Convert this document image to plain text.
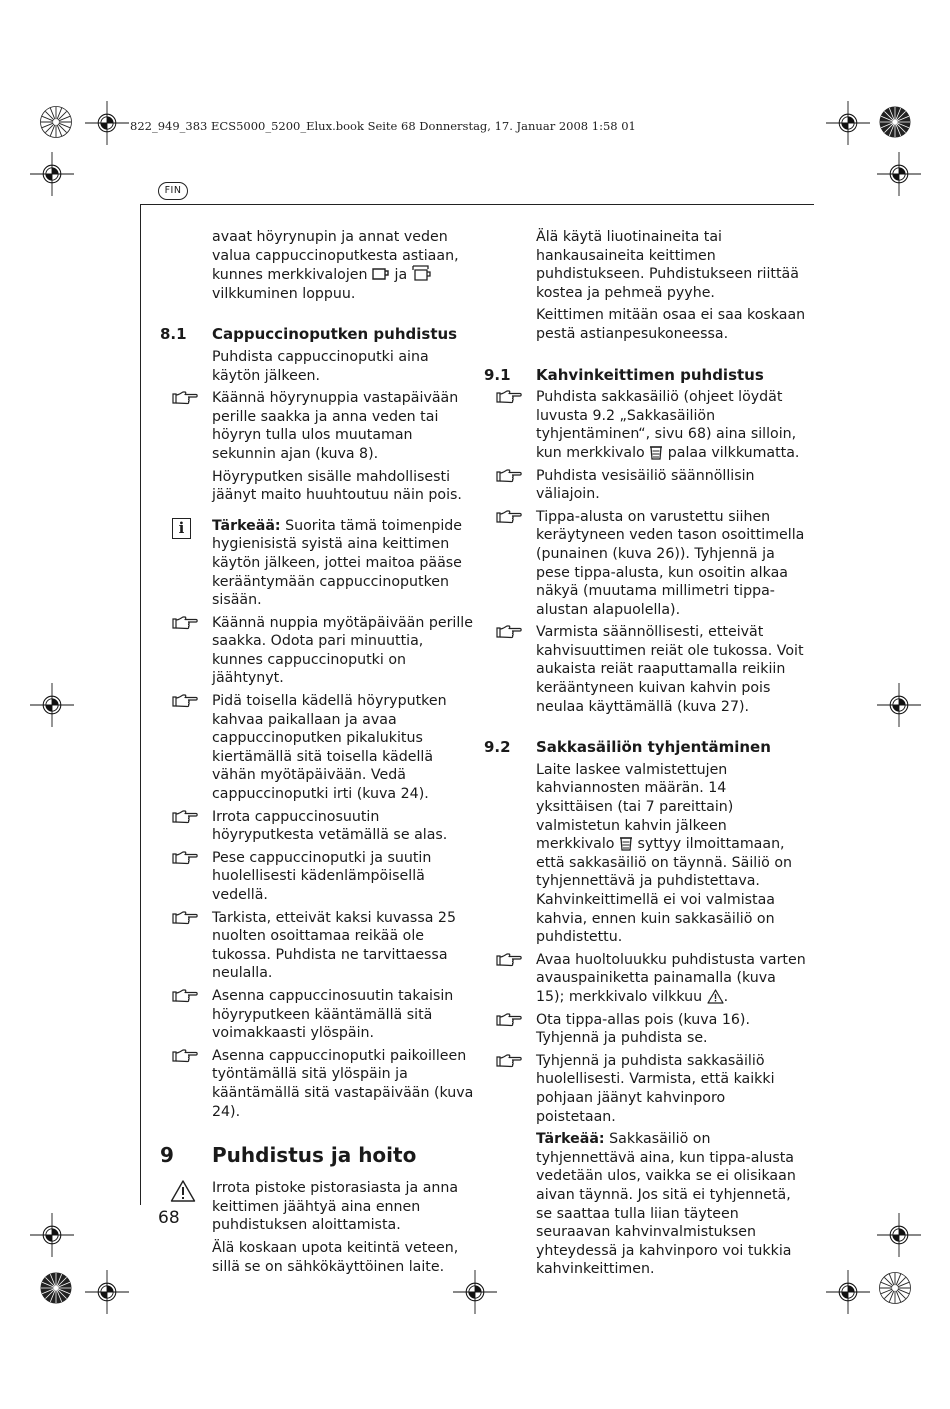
822_949_383 ECS5000_5200_Elux.book Seite 68 Donnerstag, 17. Januar 2008 1:58 01
FIN

avaat höyrynupin ja annat veden valua cappuccinoputkesta astiaan, kunnes merkkivalojen ja  vilkkuminen loppuu.

8.1 Cappuccinoputken puhdistus

Puhdista cappuccinoputki aina käytön jälkeen.

Käännä höyrynuppia vastapäivään perille saakka ja anna veden tai höyryn tulla ulos muutaman sekunnin ajan (kuva 8).

Höyryputken sisälle mahdollisesti jäänyt maito huuhtoutuu näin pois.

i	Tärkeää: Suorita tämä toimenpide hygienisistä syistä aina keittimen käytön jälkeen, jottei maitoa pääse kerääntymään cappuccinoputken sisään.

Käännä nuppia myötäpäivään perille saakka. Odota pari minuuttia, kunnes cappuccinoputki on jäähtynyt.

Pidä toisella kädellä höyryputken kahvaa paikallaan ja avaa cappuccinoputken pikalukitus kiertämällä sitä toisella kädellä vähän myötäpäivään. Vedä cappuccinoputki irti (kuva 24).

Irrota cappuccinosuutin höyryputkesta vetämällä se alas.

Pese cappuccinoputki ja suutin huolellisesti kädenlämpöisellä vedellä.

Tarkista, etteivät kaksi kuvassa 25 nuolten osoittamaa reikää ole tukossa. Puhdista ne tarvittaessa neulalla.

Asenna cappuccinosuutin takaisin höyryputkeen kääntämällä sitä voimakkaasti ylöspäin.

Asenna cappuccinoputki paikoilleen työntämällä sitä ylöspäin ja kääntämällä sitä vastapäivään (kuva 24).

9 Puhdistus ja hoito

Irrota pistoke pistorasiasta ja anna keittimen jäähtyä aina ennen puhdistuksen aloittamista.

Älä koskaan upota keitintä veteen, sillä se on sähkökäyttöinen laite.

Älä käytä liuotinaineita tai hankausaineita keittimen puhdistukseen. Puhdistukseen riittää kostea ja pehmeä pyyhe.

Keittimen mitään osaa ei saa koskaan pestä astianpesukoneessa.

9.1 Kahvinkeittimen puhdistus

Puhdista sakkasäiliö (ohjeet löydät luvusta 9.2 „Sakkasäiliön tyhjentäminen“, sivu 68) aina silloin, kun merkkivalo palaa vilkkumatta.

Puhdista vesisäiliö säännöllisin väliajoin.

Tippa-alusta on varustettu siihen keräytyneen veden tason osoittimella (punainen (kuva 26)). Tyhjennä ja pese tippa-alusta, kun osoitin alkaa näkyä (muutama millimetri tippa-alustan alapuolella).

Varmista säännöllisesti, etteivät kahvisuuttimen reiät ole tukossa. Voit aukaista reiät raaputtamalla reikiin kerääntyneen kuivan kahvin pois neulaa käyttämällä (kuva 27).

9.2 Sakkasäiliön tyhjentäminen

Laite laskee valmistettujen kahviannosten määrän. 14 yksittäisen (tai 7 pareittain) valmistetun kahvin jälkeen merkkivalo syttyy ilmoittamaan, että sakkasäiliö on täynnä. Säiliö on tyhjennettävä ja puhdistettava. Kahvinkeittimellä ei voi valmistaa kahvia, ennen kuin sakkasäiliö on puhdistettu.

Avaa huoltoluukku puhdistusta varten avauspainiketta painamalla (kuva 15); merkkivalo vilkkuu .

Ota tippa-allas pois (kuva 16). Tyhjennä ja puhdista se.

Tyhjennä ja puhdista sakkasäiliö huolellisesti. Varmista, että kaikki pohjaan jäänyt kahvinporo poistetaan.

Tärkeää: Sakkasäiliö on tyhjennettävä aina, kun tippa-alusta vedetään ulos, vaikka se ei olisikaan aivan täynnä. Jos sitä ei tyhjennetä, se saattaa tulla liian täyteen seuraavan kahvinvalmistuksen yhteydessä ja kahvinporo voi tukkia kahvinkeittimen.

68
